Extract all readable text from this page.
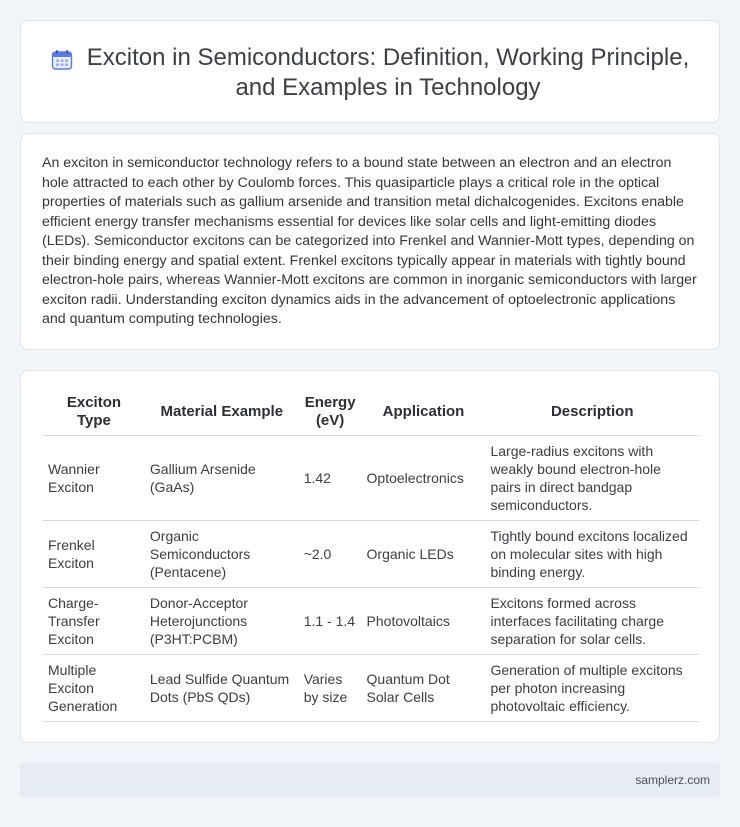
Exciton in Semiconductors: Definition, Working Principle, and Examples in Technology

An exciton in semiconductor technology refers to a bound state between an electron and an electron hole attracted to each other by Coulomb forces. This quasiparticle plays a critical role in the optical properties of materials such as gallium arsenide and transition metal dichalcogenides. Excitons enable efficient energy transfer mechanisms essential for devices like solar cells and light-emitting diodes (LEDs). Semiconductor excitons can be categorized into Frenkel and Wannier-Mott types, depending on their binding energy and spatial extent. Frenkel excitons typically appear in materials with tightly bound electron-hole pairs, whereas Wannier-Mott excitons are common in inorganic semiconductors with larger exciton radii. Understanding exciton dynamics aids in the advancement of optoelectronic applications and quantum computing technologies.

Exciton Type	Material Example	Energy (eV)	Application	Description
Wannier Exciton	Gallium Arsenide (GaAs)	1.42	Optoelectronics	Large-radius excitons with weakly bound electron-hole pairs in direct bandgap semiconductors.
Frenkel Exciton	Organic Semiconductors (Pentacene)	~2.0	Organic LEDs	Tightly bound excitons localized on molecular sites with high binding energy.
Charge-Transfer Exciton	Donor-Acceptor Heterojunctions (P3HT:PCBM)	1.1 - 1.4	Photovoltaics	Excitons formed across interfaces facilitating charge separation for solar cells.
Multiple Exciton Generation	Lead Sulfide Quantum Dots (PbS QDs)	Varies by size	Quantum Dot Solar Cells	Generation of multiple excitons per photon increasing photovoltaic efficiency.
samplerz.com
